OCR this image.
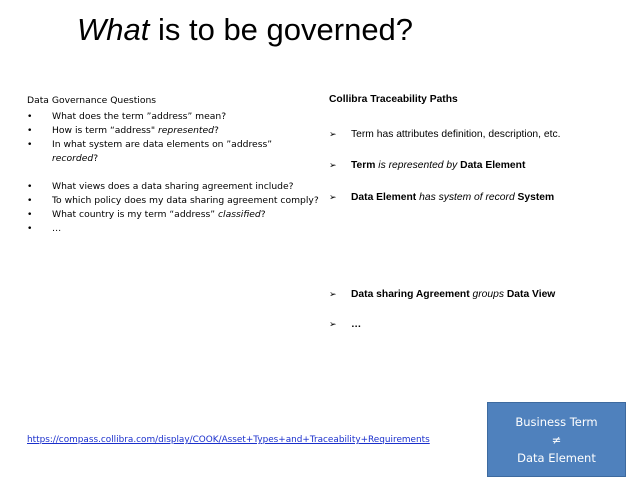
What is to be governed?
Data Governance Questions

• What does the term ”address” mean?

• How is term “address" represented?

• In what system are data elements on ”address” recorded?

• What views does a data sharing agreement include?

• To which policy does my data sharing agreement comply?

• What country is my term “address” classified?

• …

Collibra Traceability Paths
➢ Term has attributes definition, description, etc.
➢ Term is represented by Data Element
➢ Data Element has system of record System
➢ Data sharing Agreement groups Data View
➢ …
https://compass.collibra.com/display/COOK/Asset+Types+and+Traceability+Requirements
Business Term
≠
Data Element
